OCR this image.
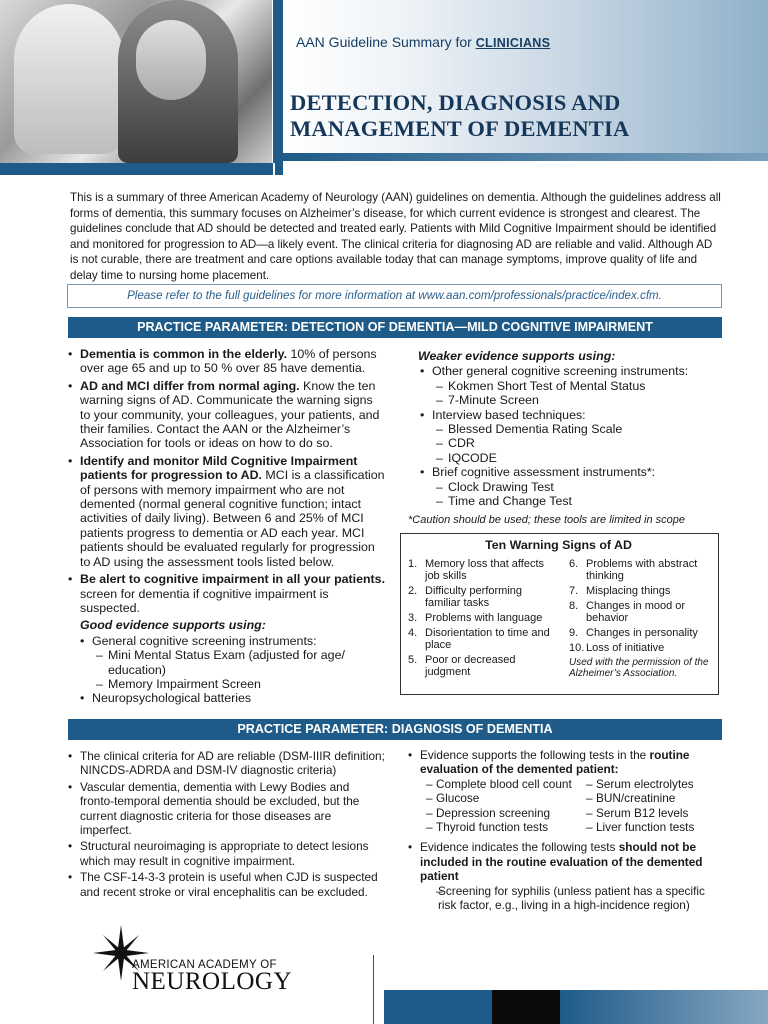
AAN Guideline Summary for CLINICIANS
DETECTION, DIAGNOSIS AND
MANAGEMENT OF DEMENTIA
This is a summary of three American Academy of Neurology (AAN) guidelines on dementia. Although the guidelines address all forms of dementia, this summary focuses on Alzheimer’s disease, for which current evidence is strongest and clearest. The guidelines conclude that AD should be detected and treated early. Patients with Mild Cognitive Impairment should be identified and monitored for progression to AD—a likely event. The clinical criteria for diagnosing AD are reliable and valid. Although AD is not curable, there are treatment and care options available today that can manage symptoms, improve quality of life and delay time to nursing home placement.
Please refer to the full guidelines for more information at www.aan.com/professionals/practice/index.cfm.
PRACTICE PARAMETER: DETECTION OF DEMENTIA—MILD COGNITIVE IMPAIRMENT
• Dementia is common in the elderly. 10% of persons over age 65 and up to 50 % over 85 have dementia.
• AD and MCI differ from normal aging. Know the ten warning signs of AD. Communicate the warning signs to your community, your colleagues, your patients, and their families. Contact the AAN or the Alzheimer’s Association for tools or ideas on how to do so.
• Identify and monitor Mild Cognitive Impairment patients for progression to AD. MCI is a classification of persons with memory impairment who are not demented (normal general cognitive function; intact activities of daily living). Between 6 and 25% of MCI patients progress to dementia or AD each year. MCI patients should be evaluated regularly for progression to AD using the assessment tools listed below.
• Be alert to cognitive impairment in all your patients. screen for dementia if cognitive impairment is suspected.
Good evidence supports using:
• General cognitive screening instruments:
– Mini Mental Status Exam (adjusted for age/ education)
– Memory Impairment Screen
• Neuropsychological batteries
Weaker evidence supports using:
• Other general cognitive screening instruments:
– Kokmen Short Test of Mental Status
– 7-Minute Screen
• Interview based techniques:
– Blessed Dementia Rating Scale
– CDR
– IQCODE
• Brief cognitive assessment instruments*:
– Clock Drawing Test
– Time and Change Test
*Caution should be used; these tools are limited in scope
Ten Warning Signs of AD
1. Memory loss that affects job skills
2. Difficulty performing familiar tasks
3. Problems with language
4. Disorientation to time and place
5. Poor or decreased judgment
6. Problems with abstract thinking
7. Misplacing things
8. Changes in mood or behavior
9. Changes in personality
10. Loss of initiative
Used with the permission of the Alzheimer’s Association.
PRACTICE PARAMETER: DIAGNOSIS OF DEMENTIA
• The clinical criteria for AD are reliable (DSM-IIIR definition; NINCDS-ADRDA and DSM-IV diagnostic criteria)
• Vascular dementia, dementia with Lewy Bodies and fronto-temporal dementia should be excluded, but the current diagnostic criteria for those diseases are imperfect.
• Structural neuroimaging is appropriate to detect lesions which may result in cognitive impairment.
• The CSF-14-3-3 protein is useful when CJD is suspected and recent stroke or viral encephalitis can be excluded.
• Evidence supports the following tests in the routine evaluation of the demented patient:
– Complete blood cell count	– Serum electrolytes
– Glucose	– BUN/creatinine
– Depression screening	– Serum B12 levels
– Thyroid function tests	– Liver function tests
• Evidence indicates the following tests should not be included in the routine evaluation of the demented patient
– Screening for syphilis (unless patient has a specific risk factor, e.g., living in a high-incidence region)
AMERICAN ACADEMY OF
NEUROLOGY
